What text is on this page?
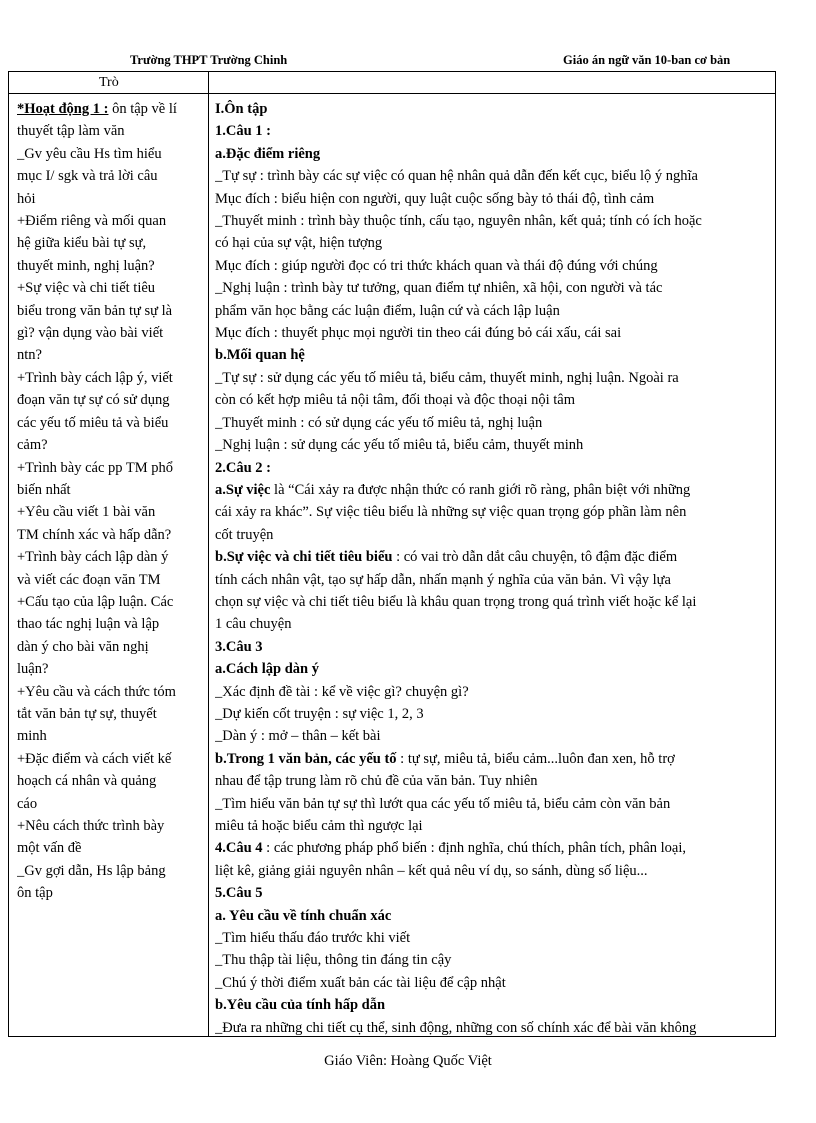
Trường THPT Trường Chinh	Giáo án ngữ văn 10-ban cơ bản
Trò
*Hoạt động 1 : ôn tập về lí
thuyết tập làm văn
_Gv yêu cầu Hs tìm hiểu
mục I/ sgk và trả lời câu
hỏi
+Điểm riêng và mối quan
hệ giữa kiểu bài tự sự,
thuyết minh, nghị luận?
+Sự việc và chi tiết tiêu
biểu trong văn bản tự sự là
gì? vận dụng vào bài viết
ntn?
+Trình bày cách lập ý, viết
đoạn văn tự sự có sử dụng
các yếu tố miêu tả và biểu
cảm?
+Trình bày các pp TM phổ
biến nhất
+Yêu cầu viết 1 bài văn
TM chính xác và hấp dẫn?
+Trình bày cách lập dàn ý
và viết các đoạn văn TM
+Cấu tạo của lập luận. Các
thao tác nghị luận và lập
dàn ý cho bài văn nghị
luận?
+Yêu cầu và cách thức tóm
tắt văn bản tự sự, thuyết
minh
+Đặc điểm và cách viết kế
hoạch cá nhân và quảng
cáo
+Nêu cách thức trình bày
một vấn đề
_Gv gợi dẫn, Hs lập bảng
ôn tập
I.Ôn tập
1.Câu 1 :
a.Đặc điểm riêng
_Tự sự : trình bày các sự việc có quan hệ nhân quả dẫn đến kết cục, biểu lộ ý nghĩa
Mục đích : biểu hiện con người, quy luật cuộc sống bày tỏ thái độ, tình cảm
_Thuyết minh : trình bày thuộc tính, cấu tạo, nguyên nhân, kết quả; tính có ích hoặc
có hại của sự vật, hiện tượng
Mục đích : giúp người đọc có tri thức khách quan và thái độ đúng với chúng
_Nghị luận : trình bày tư tưởng, quan điểm tự nhiên, xã hội, con người và tác
phẩm văn học bằng các luận điểm, luận cứ và cách lập luận
Mục đích : thuyết phục mọi người tin theo cái đúng bỏ cái xấu, cái sai
b.Mối quan hệ
_Tự sự : sử dụng các yếu tố miêu tả, biểu cảm, thuyết minh, nghị luận. Ngoài ra
còn có kết hợp miêu tả nội tâm, đối thoại và độc thoại nội tâm
_Thuyết minh : có sử dụng các yếu tố miêu tả, nghị luận
_Nghị luận : sử dụng các yếu tố miêu tả, biểu cảm, thuyết minh
2.Câu 2 :
a.Sự việc là “Cái xảy ra được nhận thức có ranh giới rõ ràng, phân biệt với những
cái xảy ra khác”. Sự việc tiêu biểu là những sự việc quan trọng góp phần làm nên
cốt truyện
b.Sự việc và chi tiết tiêu biểu : có vai trò dẫn dắt câu chuyện, tô đậm đặc điểm
tính cách nhân vật, tạo sự hấp dẫn, nhấn mạnh ý nghĩa của văn bản. Vì vậy lựa
chọn sự việc và chi tiết tiêu biểu là khâu quan trọng trong quá trình viết hoặc kể lại
1 câu chuyện
3.Câu 3
a.Cách lập dàn ý
_Xác định đề tài : kể về việc gì? chuyện gì?
_Dự kiến cốt truyện : sự việc 1, 2, 3
_Dàn ý : mở – thân – kết bài
b.Trong 1 văn bản, các yếu tố : tự sự, miêu tả, biểu cảm...luôn đan xen, hỗ trợ
nhau để tập trung làm rõ chủ đề của văn bản. Tuy nhiên
_Tìm hiểu văn bản tự sự thì lướt qua các yếu tố miêu tả, biểu cảm còn văn bản
miêu tả hoặc biểu cảm thì ngược lại
4.Câu 4 : các phương pháp phổ biến : định nghĩa, chú thích, phân tích, phân loại,
liệt kê, giảng giải nguyên nhân – kết quả nêu ví dụ, so sánh, dùng số liệu...
5.Câu 5
a. Yêu cầu về tính chuẩn xác
_Tìm hiểu thấu đáo trước khi viết
_Thu thập tài liệu, thông tin đáng tin cậy
_Chú ý thời điểm xuất bản các tài liệu để cập nhật
b.Yêu cầu của tính hấp dẫn
_Đưa ra những chi tiết cụ thể, sinh động, những con số chính xác để bài văn không
Giáo Viên: Hoàng Quốc Việt
